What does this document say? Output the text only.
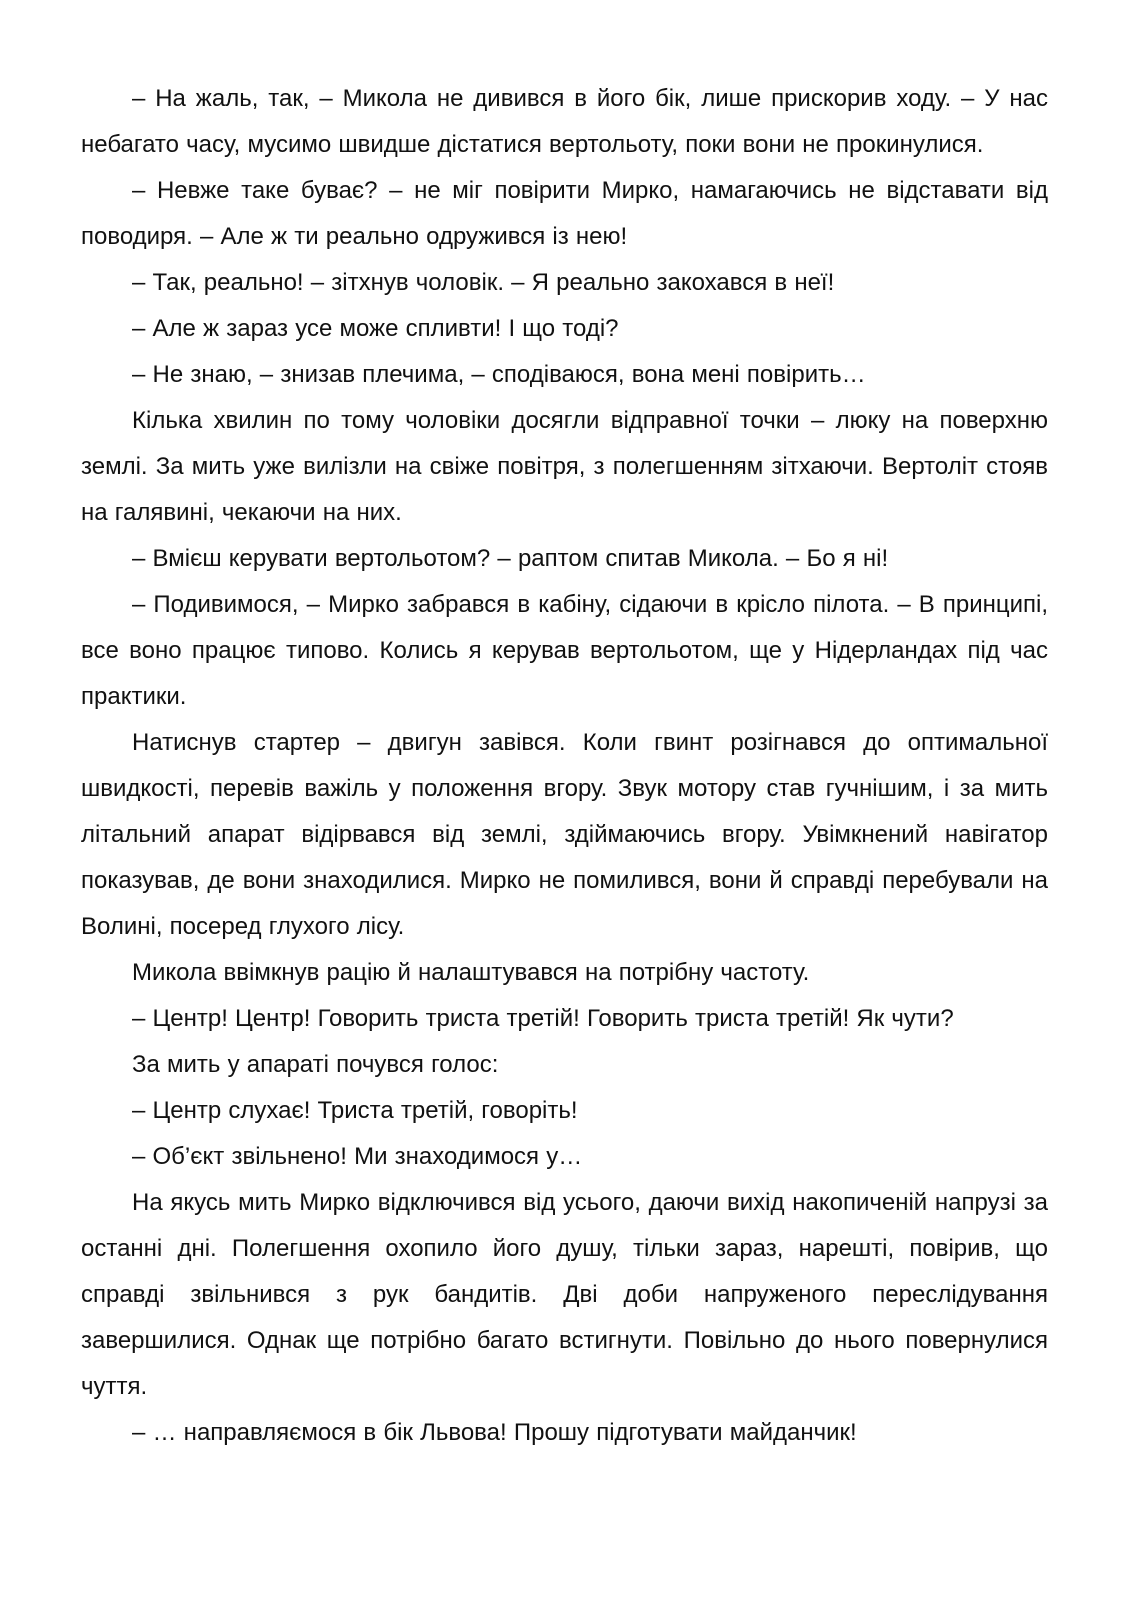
– На жаль, так, – Микола не дивився в його бік, лише прискорив ходу. – У нас небагато часу, мусимо швидше дістатися вертольоту, поки вони не прокинулися.

– Невже таке буває? – не міг повірити Мирко, намагаючись не відставати від поводиря. – Але ж ти реально одружився із нею!

– Так, реально! – зітхнув чоловік. – Я реально закохався в неї!

– Але ж зараз усе може спливти! І що тоді?

– Не знаю, – знизав плечима, – сподіваюся, вона мені повірить…

Кілька хвилин по тому чоловіки досягли відправної точки – люку на поверхню землі. За мить уже вилізли на свіже повітря, з полегшенням зітхаючи. Вертоліт стояв на галявині, чекаючи на них.

– Вмієш керувати вертольотом? – раптом спитав Микола. – Бо я ні!

– Подивимося, – Мирко забрався в кабіну, сідаючи в крісло пілота. – В принципі, все воно працює типово. Колись я керував вертольотом, ще у Нідерландах під час практики.

Натиснув стартер – двигун завівся. Коли гвинт розігнався до оптимальної швидкості, перевів важіль у положення вгору. Звук мотору став гучнішим, і за мить літальний апарат відірвався від землі, здіймаючись вгору. Увімкнений навігатор показував, де вони знаходилися. Мирко не помилився, вони й справді перебували на Волині, посеред глухого лісу.

Микола ввімкнув рацію й налаштувався на потрібну частоту.

– Центр! Центр! Говорить триста третій! Говорить триста третій! Як чути?

За мить у апараті почувся голос:

– Центр слухає! Триста третій, говоріть!

– Об’єкт звільнено! Ми знаходимося у…

На якусь мить Мирко відключився від усього, даючи вихід накопиченій напрузі за останні дні. Полегшення охопило його душу, тільки зараз, нарешті, повірив, що справді звільнився з рук бандитів. Дві доби напруженого переслідування завершилися. Однак ще потрібно багато встигнути. Повільно до нього повернулися чуття.

– … направляємося в бік Львова! Прошу підготувати майданчик!
